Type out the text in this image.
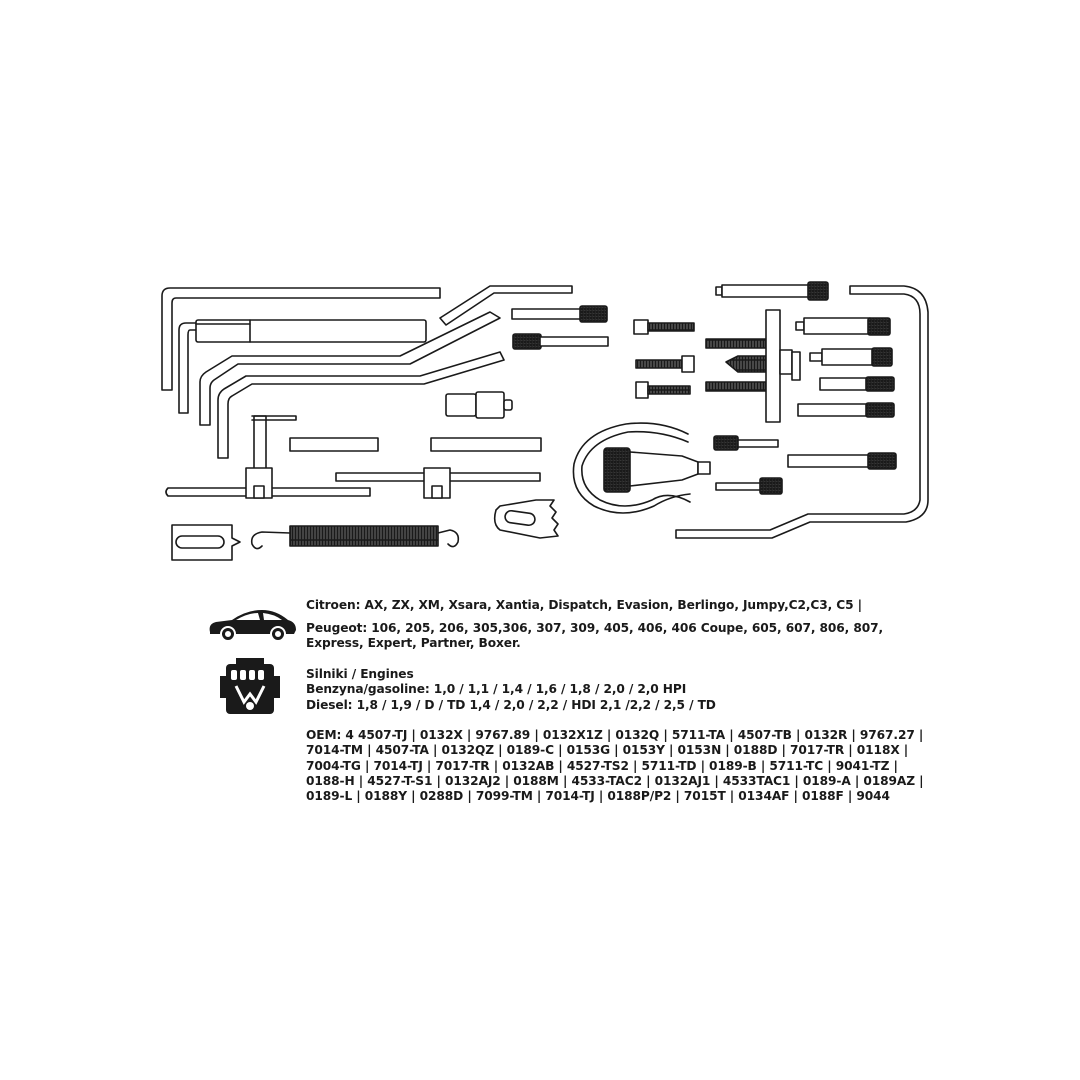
Citroen: AX, ZX, XM, Xsara, Xantia, Dispatch, Evasion, Berlingo, Jumpy,C2,C3, C5 |
Peugeot: 106, 205, 206, 305,306, 307, 309, 405, 406, 406 Coupe, 605, 607, 806, 807,
Express, Expert, Partner, Boxer.
Silniki / Engines
Benzyna/gasoline: 1,0 / 1,1 / 1,4 / 1,6 / 1,8 / 2,0 / 2,0 HPI
Diesel: 1,8 / 1,9 / D / TD 1,4 / 2,0 / 2,2 / HDI 2,1 /2,2 / 2,5 / TD
OEM: 4 4507-TJ | 0132X | 9767.89 | 0132X1Z | 0132Q | 5711-TA | 4507-TB | 0132R | 9767.27 |
7014-TM | 4507-TA | 0132QZ | 0189-C | 0153G | 0153Y | 0153N | 0188D | 7017-TR | 0118X |
7004-TG | 7014-TJ | 7017-TR | 0132AB | 4527-TS2 | 5711-TD | 0189-B | 5711-TC | 9041-TZ |
0188-H | 4527-T-S1 | 0132AJ2 | 0188M | 4533-TAC2 | 0132AJ1 | 4533TAC1 | 0189-A | 0189AZ |
0189-L | 0188Y | 0288D | 7099-TM | 7014-TJ | 0188P/P2 | 7015T | 0134AF | 0188F | 9044
